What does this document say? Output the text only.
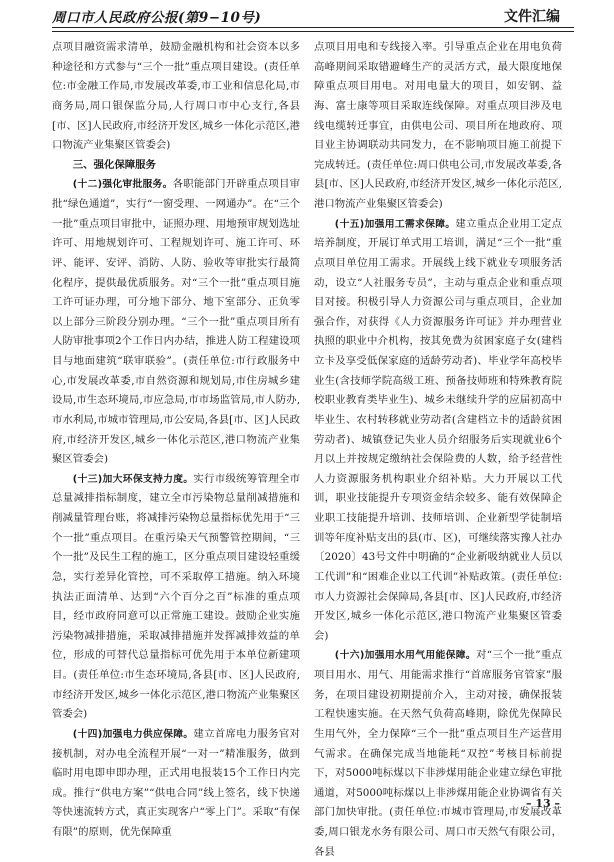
周口市人民政府公报(第9−10号)	文件汇编

点项目融资需求清单，鼓励金融机构和社会资本以多种途径和方式参与“三个一批”重点项目建设。(责任单位:市金融工作局,市发展改革委,市工业和信息化局,市商务局,周口银保监分局,人行周口市中心支行,各县[市、区]人民政府,市经济开发区,城乡一体化示范区,港口物流产业集聚区管委会)

三、强化保障服务

(十二)强化审批服务。各职能部门开辟重点项目审批“绿色通道”，实行“一窗受理、一网通办”。在“三个一批”重点项目审批中，证照办理、用地预审规划选址许可、用地规划许可、工程规划许可、施工许可、环评、能评、安评、消防、人防、验收等审批实行最简化程序，提供最优质服务。对“三个一批”重点项目施工许可证办理，可分地下部分、地下室部分、正负零以上部分三阶段分别办理。“三个一批”重点项目所有人防审批事项2个工作日内办结，推进人防工程建设项目与地面建筑“联审联验”。(责任单位:市行政服务中心,市发展改革委,市自然资源和规划局,市住房城乡建设局,市生态环境局,市应急局,市市场监管局,市人防办,市水利局,市城市管理局,市公安局,各县[市、区]人民政府,市经济开发区,城乡一体化示范区,港口物流产业集聚区管委会)

(十三)加大环保支持力度。实行市级统筹管理全市总量减排指标制度，建立全市污染物总量削减措施和削减量管理台账，将减排污染物总量指标优先用于“三个一批”重点项目。在重污染天气预警管控期间，“三个一批”及民生工程的施工，区分重点项目建设轻重缓急，实行差异化管控，可不采取停工措施。纳入环境执法正面清单、达到“六个百分之百”标准的重点项目，经市政府同意可以正常施工建设。鼓励企业实施污染物减排措施，采取减排措施并发挥减排效益的单位，形成的可替代总量指标可优先用于本单位新建项目。(责任单位:市生态环境局,各县[市、区]人民政府,市经济开发区,城乡一体化示范区,港口物流产业集聚区管委会)

(十四)加强电力供应保障。建立首席电力服务官对接机制，对办电全流程开展“一对一”精准服务，做到临时用电即申即办理，正式用电报装15个工作日内完成。推行“供电方案”“供电合同”线上签名，线下快递等快速流转方式，真正实现客户“零上门”。采取“有保有限”的原则，优先保障重

点项目用电和专线接入率。引导重点企业在用电负荷高峰期间采取错避峰生产的灵活方式，最大限度地保障重点项目用电。对用电量大的项目，如安钢、益海、富士康等项目采取连线保障。对重点项目涉及电线电缆转迁事宜，由供电公司、项目所在地政府、项目业主协调联动共同发力，在不影响项目施工前提下完成转迁。(责任单位:周口供电公司,市发展改革委,各县[市、区]人民政府,市经济开发区,城乡一体化示范区,港口物流产业集聚区管委会)

(十五)加强用工需求保障。建立重点企业用工定点培养制度，开展订单式用工培训，满足“三个一批”重点项目单位用工需求。开展线上线下就业专项服务活动，设立“人社服务专员”，主动与重点企业和重点项目对接。积极引导人力资源公司与重点项目，企业加强合作，对获得《人力资源服务许可证》并办理营业执照的职业中介机构，按其免费为贫困家庭子女(建档立卡及享受低保家庭的适龄劳动者)、毕业学年高校毕业生(含技师学院高级工班、预备技师班和特殊教育院校职业教育类毕业生)、城乡未继续升学的应届初高中毕业生、农村转移就业劳动者(含建档立卡的适龄贫困劳动者)、城镇登记失业人员介绍服务后实现就业6个月以上并按规定缴纳社会保险费的人数，给予经营性人力资源服务机构职业介绍补贴。大力开展以工代训，职业技能提升专项资金结余较多、能有效保障企业职工技能提升培训、技师培训、企业新型学徒制培训等年度补贴支出的县(市、区)，可继续落实豫人社办〔2020〕43号文件中明确的“企业新吸纳就业人员以工代训”和“困难企业以工代训”补贴政策。(责任单位:市人力资源社会保障局,各县[市、区]人民政府,市经济开发区,城乡一体化示范区,港口物流产业集聚区管委会)

(十六)加强用水用气用能保障。对“三个一批”重点项目用水、用气、用能需求推行“首席服务官管家”服务，在项目建设初期提前介入，主动对接，确保报装工程快速实施。在天然气负荷高峰期，除优先保障民生用气外，全力保障“三个一批”重点项目生产运营用气需求。在确保完成当地能耗“双控”考核目标前提下，对5000吨标煤以下非涉煤用能企业建立绿色审批通道，对5000吨标煤以上非涉煤用能企业协调省有关部门加快审批。(责任单位:市城市管理局,市发展改革委,周口银龙水务有限公司、周口市天然气有限公司，各县

– 13 –
